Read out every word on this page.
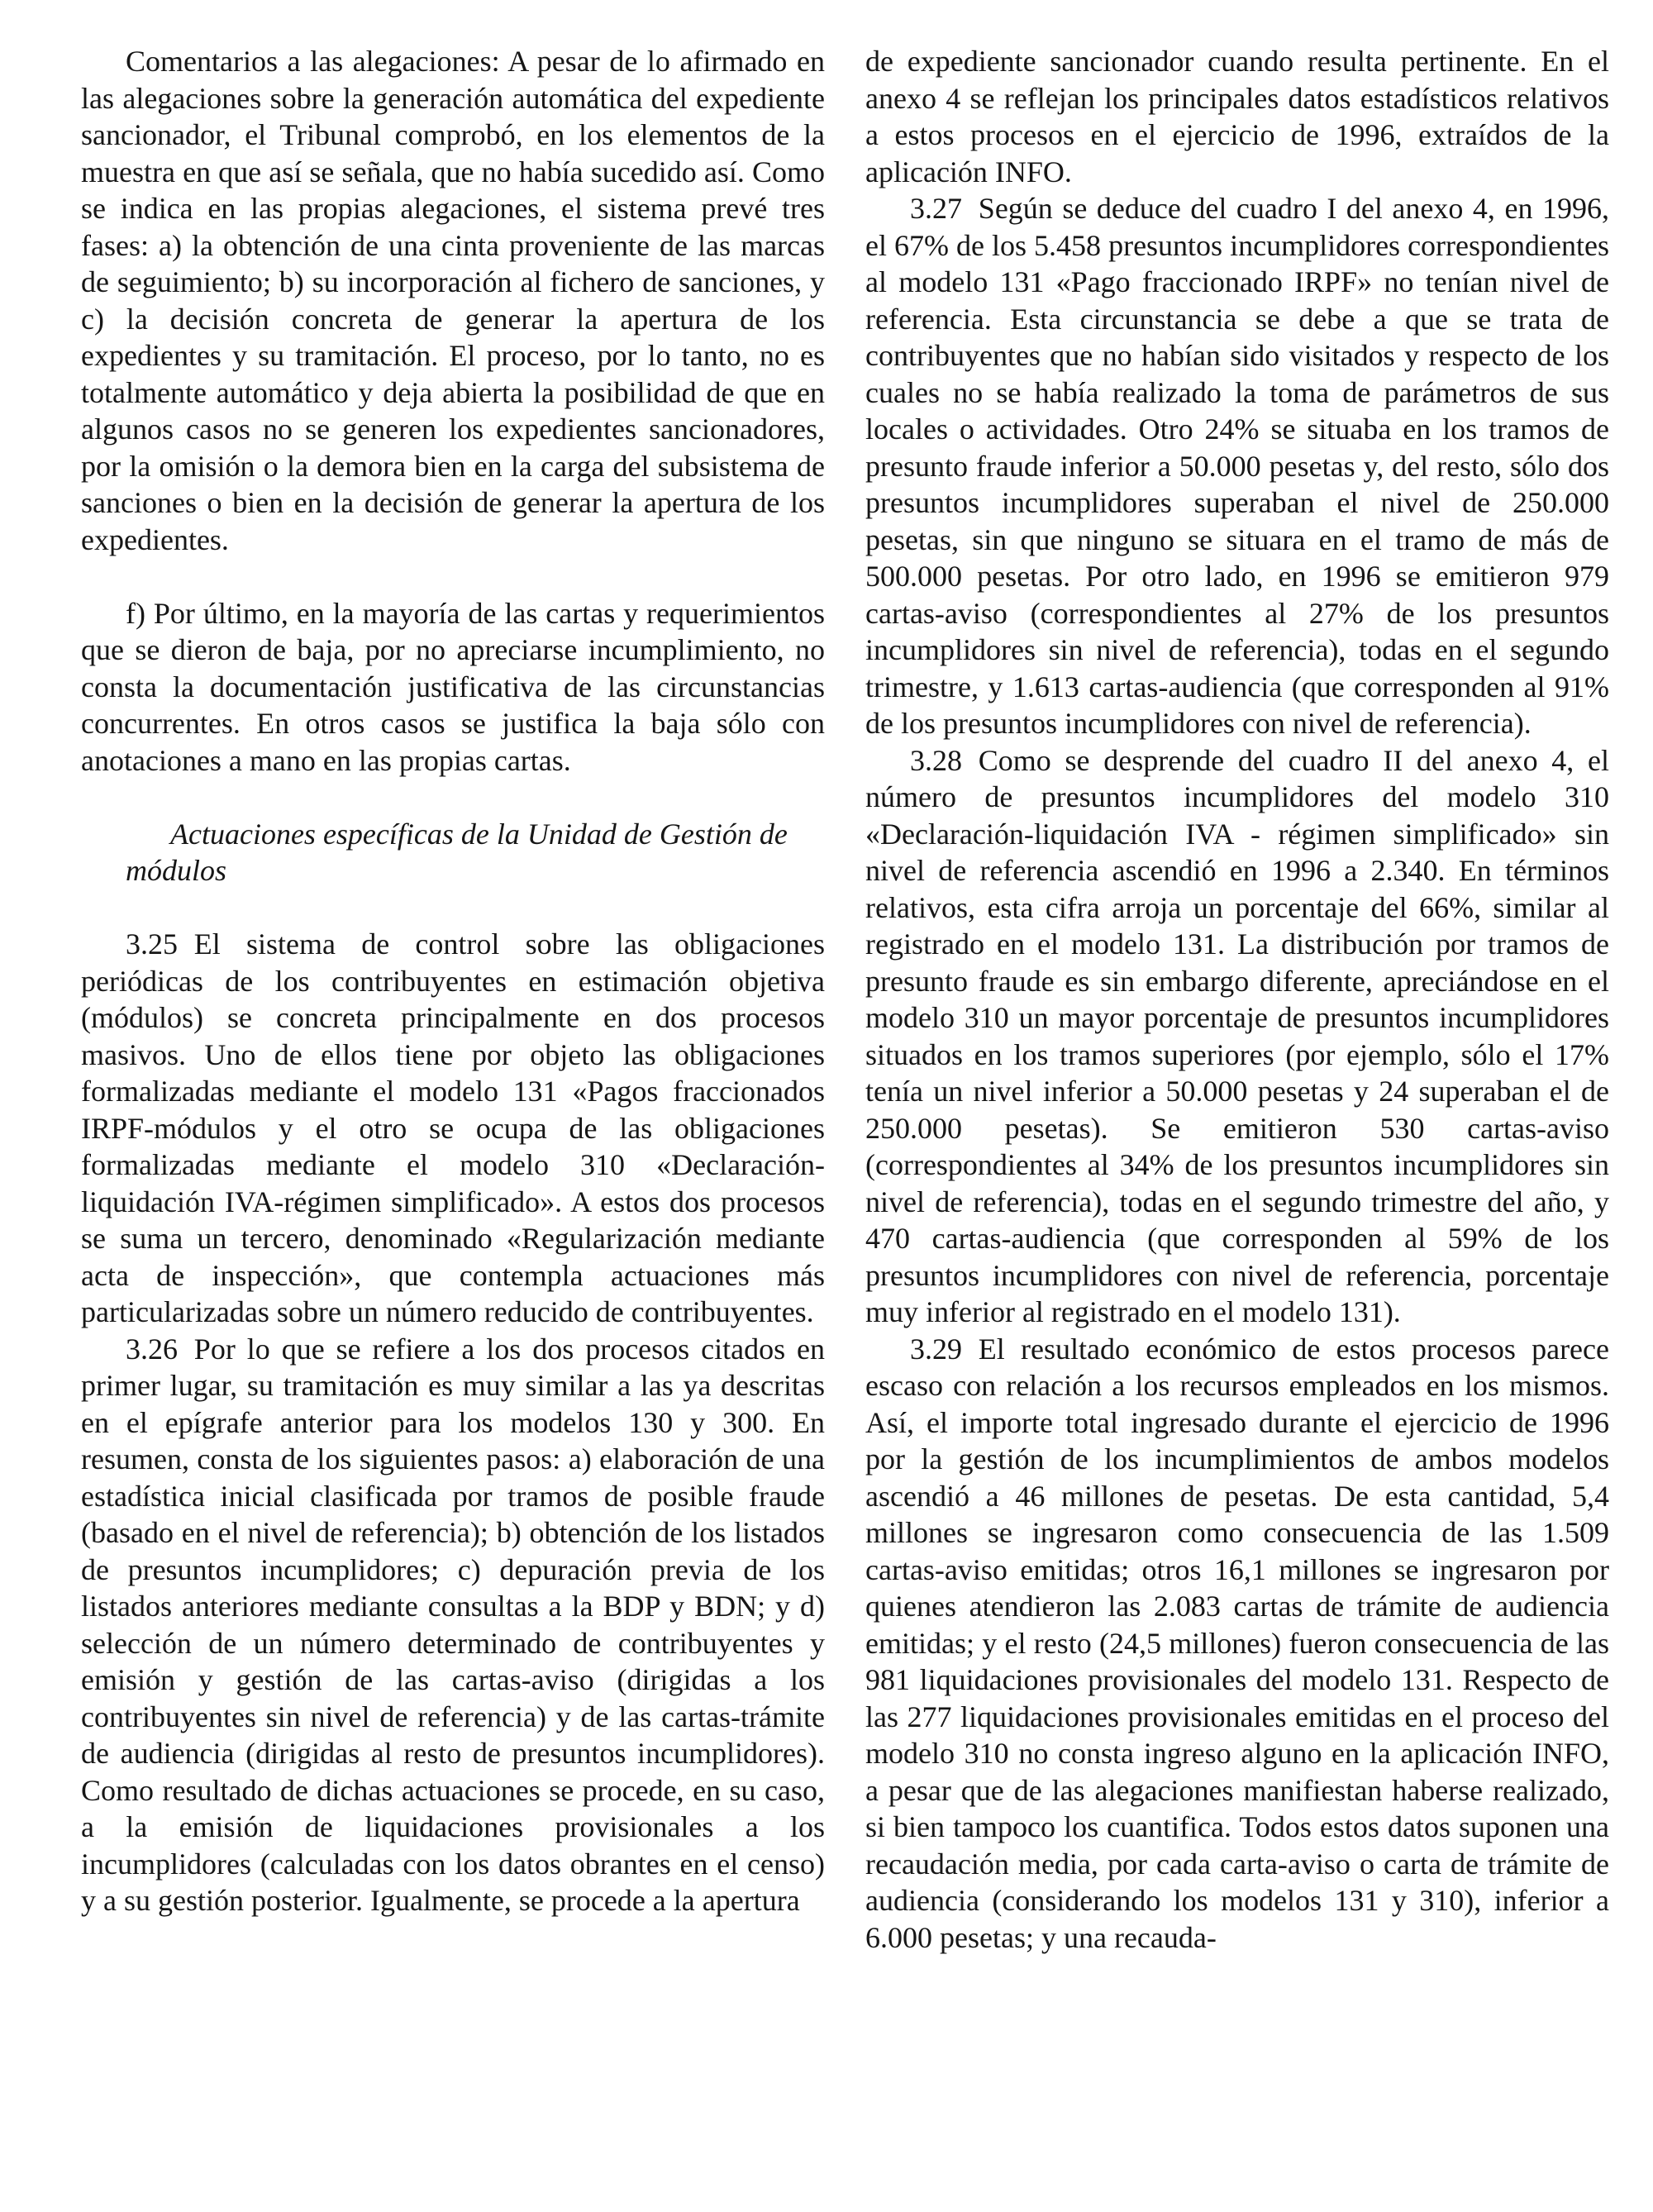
Comentarios a las alegaciones: A pesar de lo afirmado en las alegaciones sobre la generación automática del expediente sancionador, el Tribunal comprobó, en los elementos de la muestra en que así se señala, que no había sucedido así. Como se indica en las propias alegaciones, el sistema prevé tres fases: a) la obtención de una cinta proveniente de las marcas de seguimiento; b) su incorporación al fichero de sanciones, y c) la decisión concreta de generar la apertura de los expedientes y su tramitación. El proceso, por lo tanto, no es totalmente automático y deja abierta la posibilidad de que en algunos casos no se generen los expedientes sancionadores, por la omisión o la demora bien en la carga del subsistema de sanciones o bien en la decisión de generar la apertura de los expedientes.

f) Por último, en la mayoría de las cartas y requerimientos que se dieron de baja, por no apreciarse incumplimiento, no consta la documentación justificativa de las circunstancias concurrentes. En otros casos se justifica la baja sólo con anotaciones a mano en las propias cartas.

Actuaciones específicas de la Unidad de Gestión de módulos

3.25 El sistema de control sobre las obligaciones periódicas de los contribuyentes en estimación objetiva (módulos) se concreta principalmente en dos procesos masivos. Uno de ellos tiene por objeto las obligaciones formalizadas mediante el modelo 131 «Pagos fraccionados IRPF-módulos y el otro se ocupa de las obligaciones formalizadas mediante el modelo 310 «Declaración-liquidación IVA-régimen simplificado». A estos dos procesos se suma un tercero, denominado «Regularización mediante acta de inspección», que contempla actuaciones más particularizadas sobre un número reducido de contribuyentes.

3.26 Por lo que se refiere a los dos procesos citados en primer lugar, su tramitación es muy similar a las ya descritas en el epígrafe anterior para los modelos 130 y 300. En resumen, consta de los siguientes pasos: a) elaboración de una estadística inicial clasificada por tramos de posible fraude (basado en el nivel de referencia); b) obtención de los listados de presuntos incumplidores; c) depuración previa de los listados anteriores mediante consultas a la BDP y BDN; y d) selección de un número determinado de contribuyentes y emisión y gestión de las cartas-aviso (dirigidas a los contribuyentes sin nivel de referencia) y de las cartas-trámite de audiencia (dirigidas al resto de presuntos incumplidores). Como resultado de dichas actuaciones se procede, en su caso, a la emisión de liquidaciones provisionales a los incumplidores (calculadas con los datos obrantes en el censo) y a su gestión posterior. Igualmente, se procede a la apertura

de expediente sancionador cuando resulta pertinente. En el anexo 4 se reflejan los principales datos estadísticos relativos a estos procesos en el ejercicio de 1996, extraídos de la aplicación INFO.

3.27 Según se deduce del cuadro I del anexo 4, en 1996, el 67% de los 5.458 presuntos incumplidores correspondientes al modelo 131 «Pago fraccionado IRPF» no tenían nivel de referencia. Esta circunstancia se debe a que se trata de contribuyentes que no habían sido visitados y respecto de los cuales no se había realizado la toma de parámetros de sus locales o actividades. Otro 24% se situaba en los tramos de presunto fraude inferior a 50.000 pesetas y, del resto, sólo dos presuntos incumplidores superaban el nivel de 250.000 pesetas, sin que ninguno se situara en el tramo de más de 500.000 pesetas. Por otro lado, en 1996 se emitieron 979 cartas-aviso (correspondientes al 27% de los presuntos incumplidores sin nivel de referencia), todas en el segundo trimestre, y 1.613 cartas-audiencia (que corresponden al 91% de los presuntos incumplidores con nivel de referencia).

3.28 Como se desprende del cuadro II del anexo 4, el número de presuntos incumplidores del modelo 310 «Declaración-liquidación IVA - régimen simplificado» sin nivel de referencia ascendió en 1996 a 2.340. En términos relativos, esta cifra arroja un porcentaje del 66%, similar al registrado en el modelo 131. La distribución por tramos de presunto fraude es sin embargo diferente, apreciándose en el modelo 310 un mayor porcentaje de presuntos incumplidores situados en los tramos superiores (por ejemplo, sólo el 17% tenía un nivel inferior a 50.000 pesetas y 24 superaban el de 250.000 pesetas). Se emitieron 530 cartas-aviso (correspondientes al 34% de los presuntos incumplidores sin nivel de referencia), todas en el segundo trimestre del año, y 470 cartas-audiencia (que corresponden al 59% de los presuntos incumplidores con nivel de referencia, porcentaje muy inferior al registrado en el modelo 131).

3.29 El resultado económico de estos procesos parece escaso con relación a los recursos empleados en los mismos. Así, el importe total ingresado durante el ejercicio de 1996 por la gestión de los incumplimientos de ambos modelos ascendió a 46 millones de pesetas. De esta cantidad, 5,4 millones se ingresaron como consecuencia de las 1.509 cartas-aviso emitidas; otros 16,1 millones se ingresaron por quienes atendieron las 2.083 cartas de trámite de audiencia emitidas; y el resto (24,5 millones) fueron consecuencia de las 981 liquidaciones provisionales del modelo 131. Respecto de las 277 liquidaciones provisionales emitidas en el proceso del modelo 310 no consta ingreso alguno en la aplicación INFO, a pesar que de las alegaciones manifiestan haberse realizado, si bien tampoco los cuantifica. Todos estos datos suponen una recaudación media, por cada carta-aviso o carta de trámite de audiencia (considerando los modelos 131 y 310), inferior a 6.000 pesetas; y una recauda-
